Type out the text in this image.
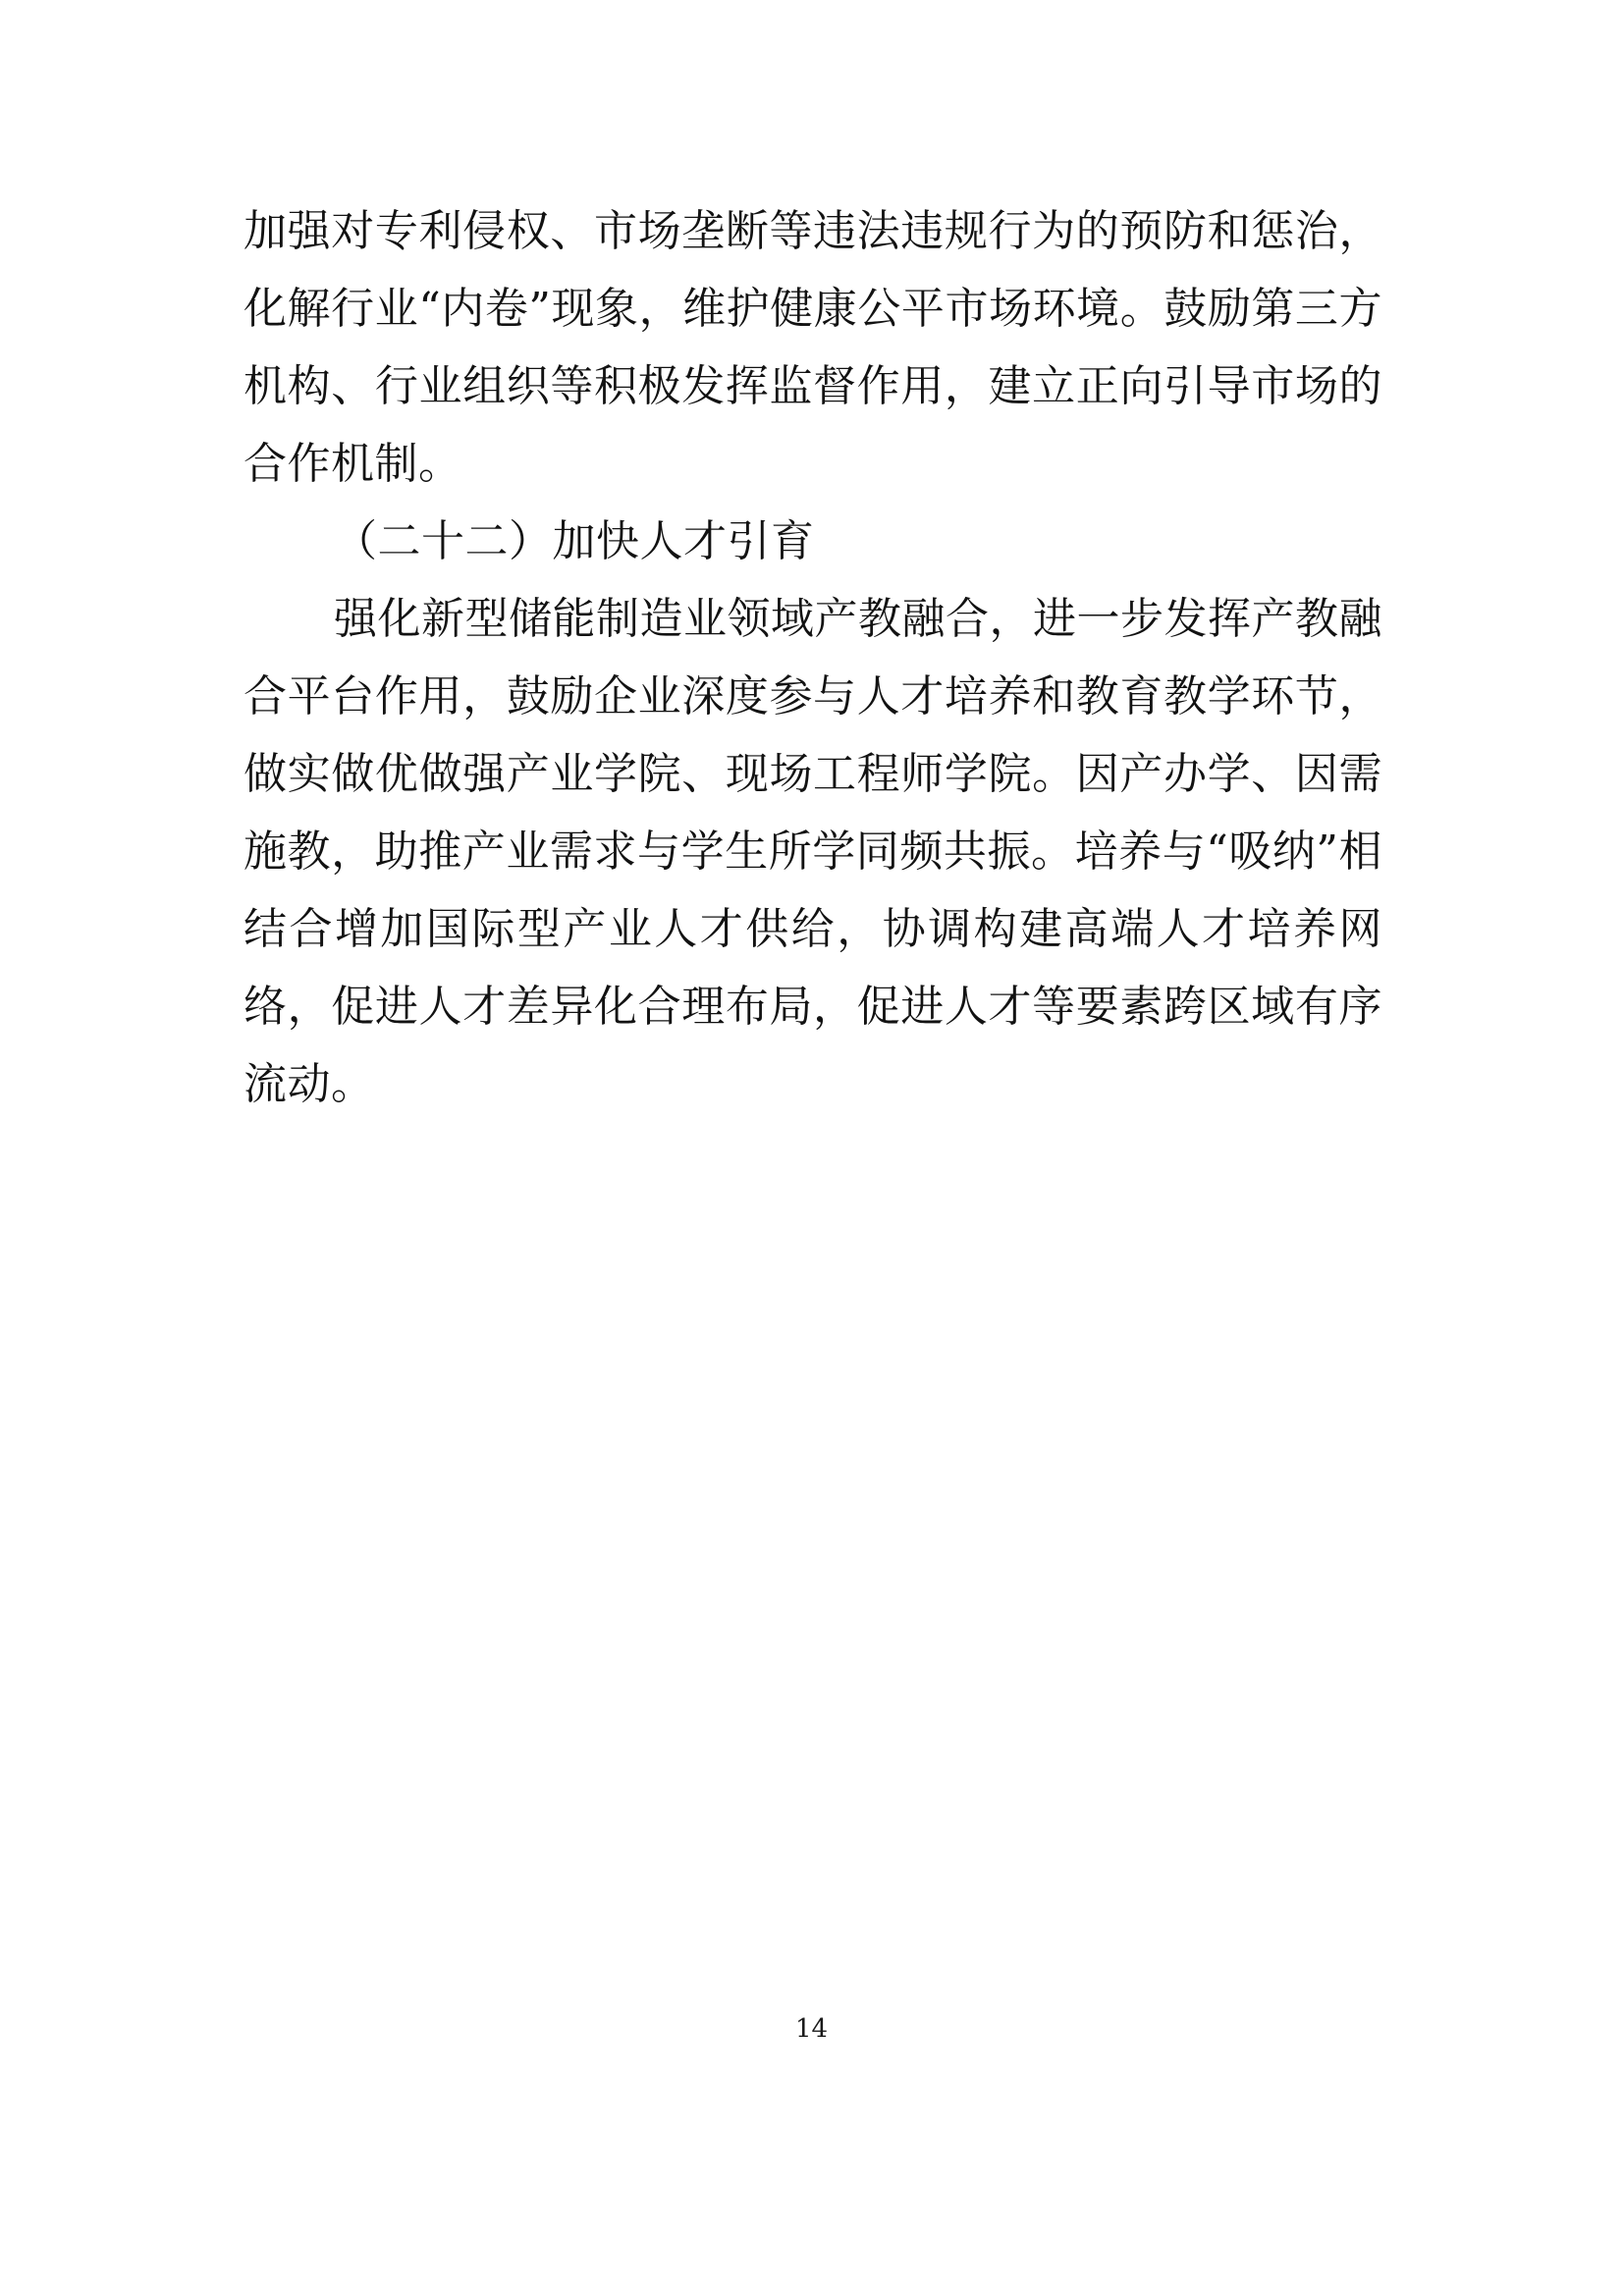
加强对专利侵权、市场垄断等违法违规行为的预防和惩治，化解行业“内卷”现象，维护健康公平市场环境。鼓励第三方机构、行业组织等积极发挥监督作用，建立正向引导市场的合作机制。

（二十二）加快人才引育

强化新型储能制造业领域产教融合，进一步发挥产教融合平台作用，鼓励企业深度参与人才培养和教育教学环节，做实做优做强产业学院、现场工程师学院。因产办学、因需施教，助推产业需求与学生所学同频共振。培养与“吸纳”相结合增加国际型产业人才供给，协调构建高端人才培养网络，促进人才差异化合理布局，促进人才等要素跨区域有序流动。

14
